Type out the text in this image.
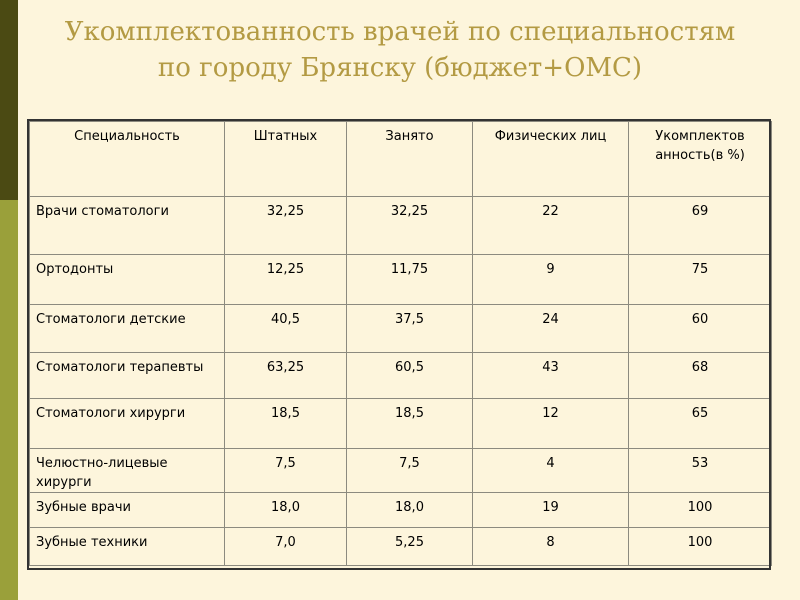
Укомплектованность врачей по специальностям
по городу Брянску (бюджет+ОМС)
Специальность	Штатных	Занято	Физических лиц	Укомплектов анность(в %)
Врачи стоматологи	32,25	32,25	22	69
Ортодонты	12,25	11,75	9	75
Стоматологи детские	40,5	37,5	24	60
Стоматологи терапевты	63,25	60,5	43	68
Стоматологи хирурги	18,5	18,5	12	65
Челюстно-лицевые хирурги	7,5	7,5	4	53
Зубные врачи	18,0	18,0	19	100
Зубные техники	7,0	5,25	8	100
